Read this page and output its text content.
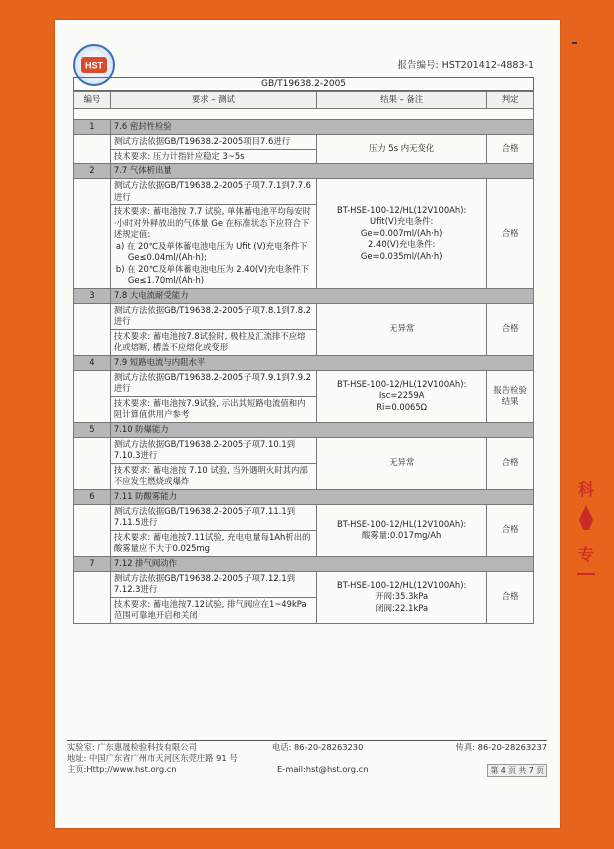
HST	报告编号: HST201412-4883-1
GB/T19638.2-2005
编号	要求 – 测试	结果 – 备注	判定

1	7.6 密封性检验		
	测试方法依据GB/T19638.2-2005项目7.6进行	压力 5s 内无变化	合格
	技术要求: 压力计指针应稳定 3~5s		
2	7.7 气体析出量		
	测试方法依据GB/T19638.2-2005子项7.7.1到7.7.6进行	BT-HSE-100-12/HL(12V100Ah):
Ufit(V)充电条件:
Ge=0.007ml/(Ah·h)
2.40(V)充电条件:
Ge=0.035ml/(Ah·h)	合格

	技术要求: 蓄电池按 7.7 试验, 单体蓄电池平均每安时·小时对外释放出的气体量 Ge 在标准状态下应符合下述规定值:
a) 在 20℃及单体蓄电池电压为 Ufit (V)充电条件下 Ge≤0.04ml/(Ah·h);
b) 在 20℃及单体蓄电池电压为 2.40(V)充电条件下 Ge≤1.70ml/(Ah·h)		

3	7.8 大电流耐受能力		
	测试方法依据GB/T19638.2-2005子项7.8.1到7.8.2进行	无异常	合格
	技术要求: 蓄电池按7.8试验时, 极柱及汇流排不应熔化或熔断, 槽盖不应熔化或变形		
4	7.9 短路电流与内阻水平		
	测试方法依据GB/T19638.2-2005子项7.9.1到7.9.2进行	BT-HSE-100-12/HL(12V100Ah):
Isc=2259A
Ri=0.0065Ω	报告检验结果
	技术要求: 蓄电池按7.9试验, 示出其短路电流值和内阻计算值供用户参考		
5	7.10 防爆能力		
	测试方法依据GB/T19638.2-2005子项7.10.1到7.10.3进行	无异常	合格
	技术要求: 蓄电池按 7.10 试验, 当外遇明火时其内部不应发生燃烧或爆炸		
6	7.11 防酸雾能力		
	测试方法依据GB/T19638.2-2005子项7.11.1到7.11.5进行	BT-HSE-100-12/HL(12V100Ah):
酸雾量:0.017mg/Ah	合格
	技术要求: 蓄电池按7.11试验, 充电电量每1Ah析出的酸雾量应不大于0.025mg		
7	7.12 排气阀动作		
	测试方法依据GB/T19638.2-2005子项7.12.1到7.12.3进行	BT-HSE-100-12/HL(12V100Ah):
开阀:35.3kPa
闭阀:22.1kPa	合格
	技术要求: 蓄电池按7.12试验, 排气阀应在1~49kPa范围可靠地开启和关闭		
实验室: 广东惠晟检验科技有限公司	电话: 86-20-28263230	传真: 86-20-28263237
地址: 中国广东省广州市天河区东莞庄路 91 号
主页:Http://www.hst.org.cn	E-mail:hst@hst.org.cn	第 4 页 共 7 页
科
专
